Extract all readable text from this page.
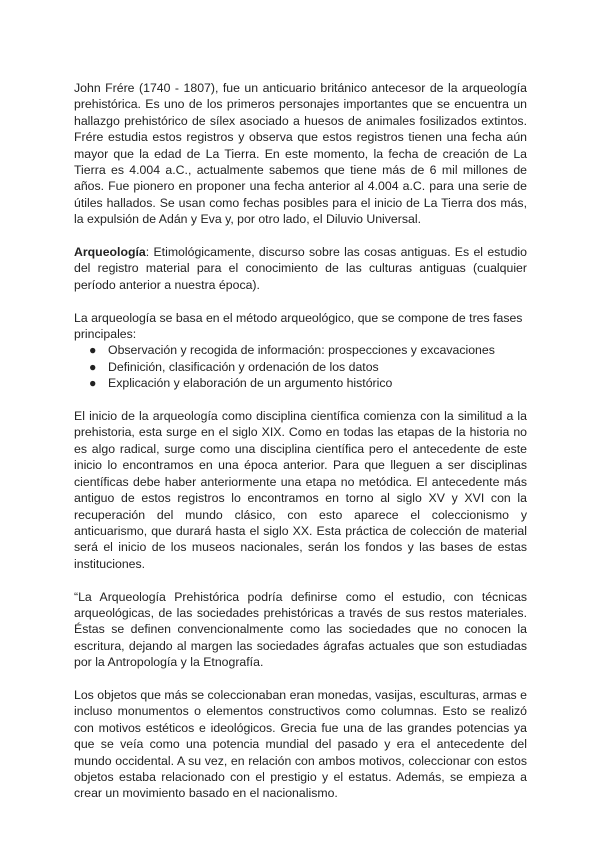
John Frére (1740 - 1807), fue un anticuario británico antecesor de la arqueología prehistórica. Es uno de los primeros personajes importantes que se encuentra un hallazgo prehistórico de sílex asociado a huesos de animales fosilizados extintos. Frére estudia estos registros y observa que estos registros tienen una fecha aún mayor que la edad de La Tierra. En este momento, la fecha de creación de La Tierra es 4.004 a.C., actualmente sabemos que tiene más de 6 mil millones de años. Fue pionero en proponer una fecha anterior al 4.004 a.C. para una serie de útiles hallados. Se usan como fechas posibles para el inicio de La Tierra dos más, la expulsión de Adán y Eva y, por otro lado, el Diluvio Universal.

Arqueología: Etimológicamente, discurso sobre las cosas antiguas. Es el estudio del registro material para el conocimiento de las culturas antiguas (cualquier período anterior a nuestra época).

La arqueología se basa en el método arqueológico, que se compone de tres fases principales:

● Observación y recogida de información: prospecciones y excavaciones
● Definición, clasificación y ordenación de los datos
● Explicación y elaboración de un argumento histórico

El inicio de la arqueología como disciplina científica comienza con la similitud a la prehistoria, esta surge en el siglo XIX. Como en todas las etapas de la historia no es algo radical, surge como una disciplina científica pero el antecedente de este inicio lo encontramos en una época anterior. Para que lleguen a ser disciplinas científicas debe haber anteriormente una etapa no metódica. El antecedente más antiguo de estos registros lo encontramos en torno al siglo XV y XVI con la recuperación del mundo clásico, con esto aparece el coleccionismo y anticuarismo, que durará hasta el siglo XX. Esta práctica de colección de material será el inicio de los museos nacionales, serán los fondos y las bases de estas instituciones.

“La Arqueología Prehistórica podría definirse como el estudio, con técnicas arqueológicas, de las sociedades prehistóricas a través de sus restos materiales. Éstas se definen convencionalmente como las sociedades que no conocen la escritura, dejando al margen las sociedades ágrafas actuales que son estudiadas por la Antropología y la Etnografía.

Los objetos que más se coleccionaban eran monedas, vasijas, esculturas, armas e incluso monumentos o elementos constructivos como columnas. Esto se realizó con motivos estéticos e ideológicos. Grecia fue una de las grandes potencias ya que se veía como una potencia mundial del pasado y era el antecedente del mundo occidental. A su vez, en relación con ambos motivos, coleccionar con estos objetos estaba relacionado con el prestigio y el estatus. Además, se empieza a crear un movimiento basado en el nacionalismo.
